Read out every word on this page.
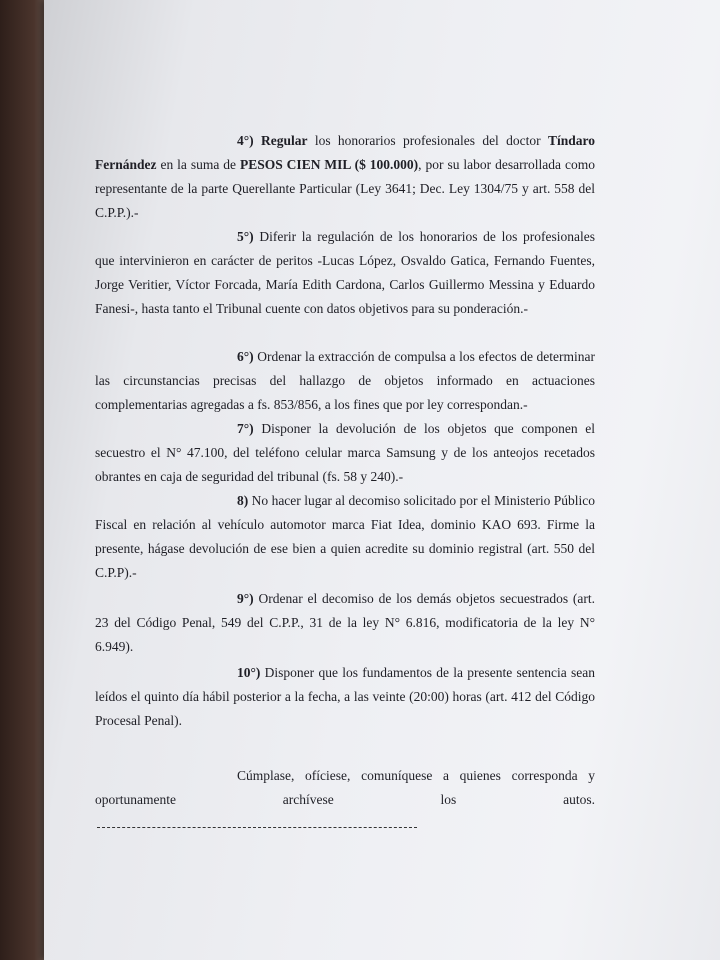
4°) Regular los honorarios profesionales del doctor Tíndaro Fernández en la suma de PESOS CIEN MIL ($ 100.000), por su labor desarrollada como representante de la parte Querellante Particular (Ley 3641; Dec. Ley 1304/75 y art. 558 del C.P.P.).-

5°) Diferir la regulación de los honorarios de los profesionales que intervinieron en carácter de peritos -Lucas López, Osvaldo Gatica, Fernando Fuentes, Jorge Veritier, Víctor Forcada, María Edith Cardona, Carlos Guillermo Messina y Eduardo Fanesi-, hasta tanto el Tribunal cuente con datos objetivos para su ponderación.-

6°) Ordenar la extracción de compulsa a los efectos de determinar las circunstancias precisas del hallazgo de objetos informado en actuaciones complementarias agregadas a fs. 853/856, a los fines que por ley correspondan.-

7°) Disponer la devolución de los objetos que componen el secuestro el N° 47.100, del teléfono celular marca Samsung y de los anteojos recetados obrantes en caja de seguridad del tribunal (fs. 58 y 240).-

8) No hacer lugar al decomiso solicitado por el Ministerio Público Fiscal en relación al vehículo automotor marca Fiat Idea, dominio KAO 693. Firme la presente, hágase devolución de ese bien a quien acredite su dominio registral (art. 550 del C.P.P).-

9°) Ordenar el decomiso de los demás objetos secuestrados (art. 23 del Código Penal, 549 del C.P.P., 31 de la ley N° 6.816, modificatoria de la ley N° 6.949).

10°) Disponer que los fundamentos de la presente sentencia sean leídos el quinto día hábil posterior a la fecha, a las veinte (20:00) horas (art. 412 del Código Procesal Penal).

Cúmplase, ofíciese, comuníquese a quienes corresponda y oportunamente archívese los autos.
